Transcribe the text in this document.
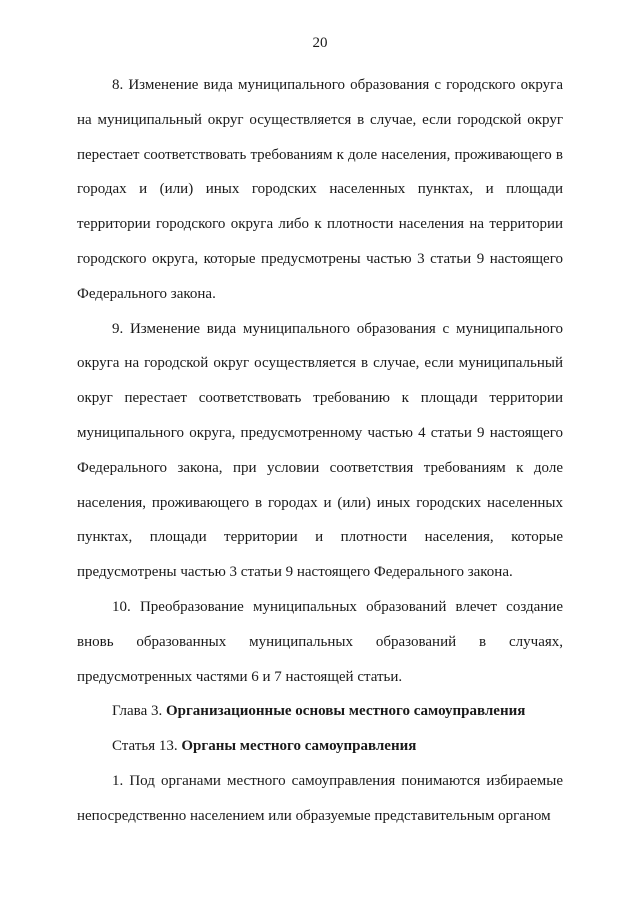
20

8. Изменение вида муниципального образования с городского округа на муниципальный округ осуществляется в случае, если городской округ перестает соответствовать требованиям к доле населения, проживающего в городах и (или) иных городских населенных пунктах, и площади территории городского округа либо к плотности населения на территории городского округа, которые предусмотрены частью 3 статьи 9 настоящего Федерального закона.

9. Изменение вида муниципального образования с муниципального округа на городской округ осуществляется в случае, если муниципальный округ перестает соответствовать требованию к площади территории муниципального округа, предусмотренному частью 4 статьи 9 настоящего Федерального закона, при условии соответствия требованиям к доле населения, проживающего в городах и (или) иных городских населенных пунктах, площади территории и плотности населения, которые предусмотрены частью 3 статьи 9 настоящего Федерального закона.

10. Преобразование муниципальных образований влечет создание вновь образованных муниципальных образований в случаях, предусмотренных частями 6 и 7 настоящей статьи.

Глава 3. Организационные основы местного самоуправления

Статья 13. Органы местного самоуправления

1. Под органами местного самоуправления понимаются избираемые непосредственно населением или образуемые представительным органом
